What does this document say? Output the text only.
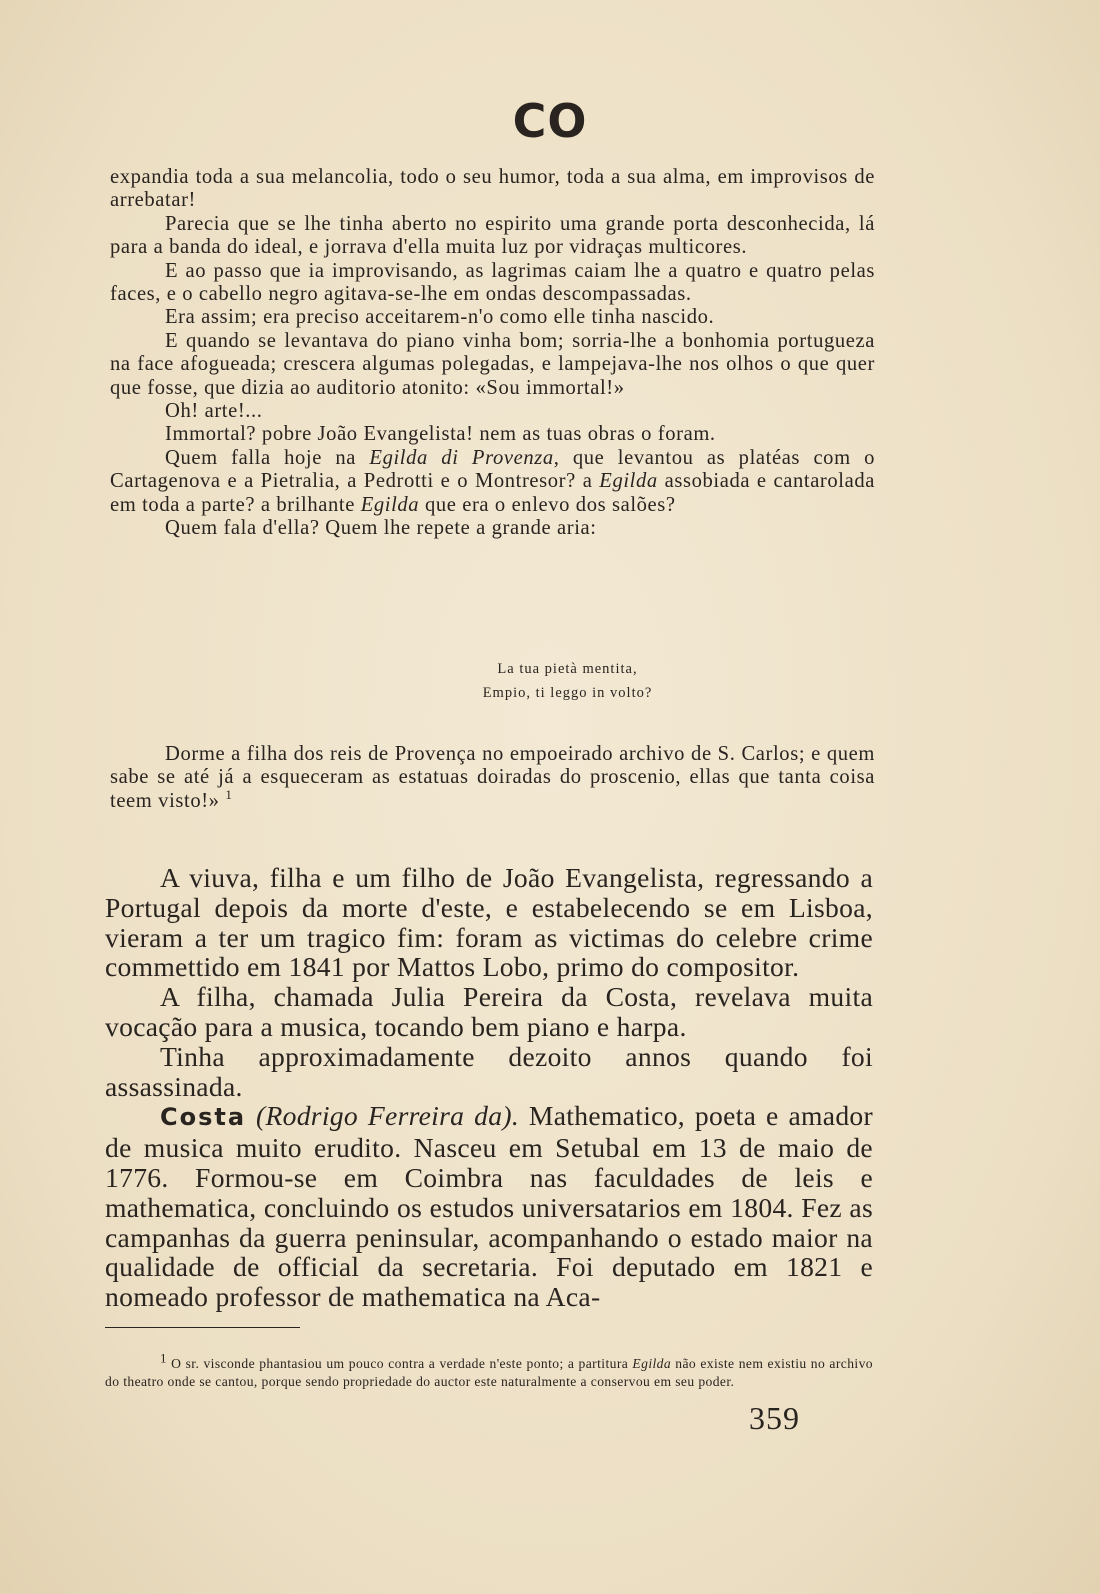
CO

expandia toda a sua melancolia, todo o seu humor, toda a sua alma, em improvisos de arrebatar!

Parecia que se lhe tinha aberto no espirito uma grande porta desconhecida, lá para a banda do ideal, e jorrava d'ella muita luz por vidraças multicores.

E ao passo que ia improvisando, as lagrimas caiam lhe a quatro e quatro pelas faces, e o cabello negro agitava-se-lhe em ondas descompassadas.

Era assim; era preciso acceitarem-n'o como elle tinha nascido.

E quando se levantava do piano vinha bom; sorria-lhe a bonhomia portugueza na face afogueada; crescera algumas polegadas, e lampejava-lhe nos olhos o que quer que fosse, que dizia ao auditorio atonito: «Sou immortal!»

Oh! arte!...

Immortal? pobre João Evangelista! nem as tuas obras o foram.

Quem falla hoje na Egilda di Provenza, que levantou as platéas com o Cartagenova e a Pietralia, a Pedrotti e o Montresor? a Egilda assobiada e cantarolada em toda a parte? a brilhante Egilda que era o enlevo dos salões?

Quem fala d'ella? Quem lhe repete a grande aria:

La tua pietà mentita,
Empio, ti leggo in volto?

Dorme a filha dos reis de Provença no empoeirado archivo de S. Carlos; e quem sabe se até já a esqueceram as estatuas doiradas do proscenio, ellas que tanta coisa teem visto!» $^1$

A viuva, filha e um filho de João Evangelista, regressando a Portugal depois da morte d'este, e estabelecendo se em Lisboa, vieram a ter um tragico fim: foram as victimas do celebre crime commettido em 1841 por Mattos Lobo, primo do compositor.

A filha, chamada Julia Pereira da Costa, revelava muita vocação para a musica, tocando bem piano e harpa.

Tinha approximadamente dezoito annos quando foi assassinada.

Costa (Rodrigo Ferreira da). Mathematico, poeta e amador de musica muito erudito. Nasceu em Setubal em 13 de maio de 1776. Formou-se em Coimbra nas faculdades de leis e mathematica, concluindo os estudos universatarios em 1804. Fez as campanhas da guerra peninsular, acompanhando o estado maior na qualidade de official da secretaria. Foi deputado em 1821 e nomeado professor de mathematica na Aca-

1 O sr. visconde phantasiou um pouco contra a verdade n'este ponto; a partitura Egilda não existe nem existiu no archivo do theatro onde se cantou, porque sendo propriedade do auctor este naturalmente a conservou em seu poder.

359
